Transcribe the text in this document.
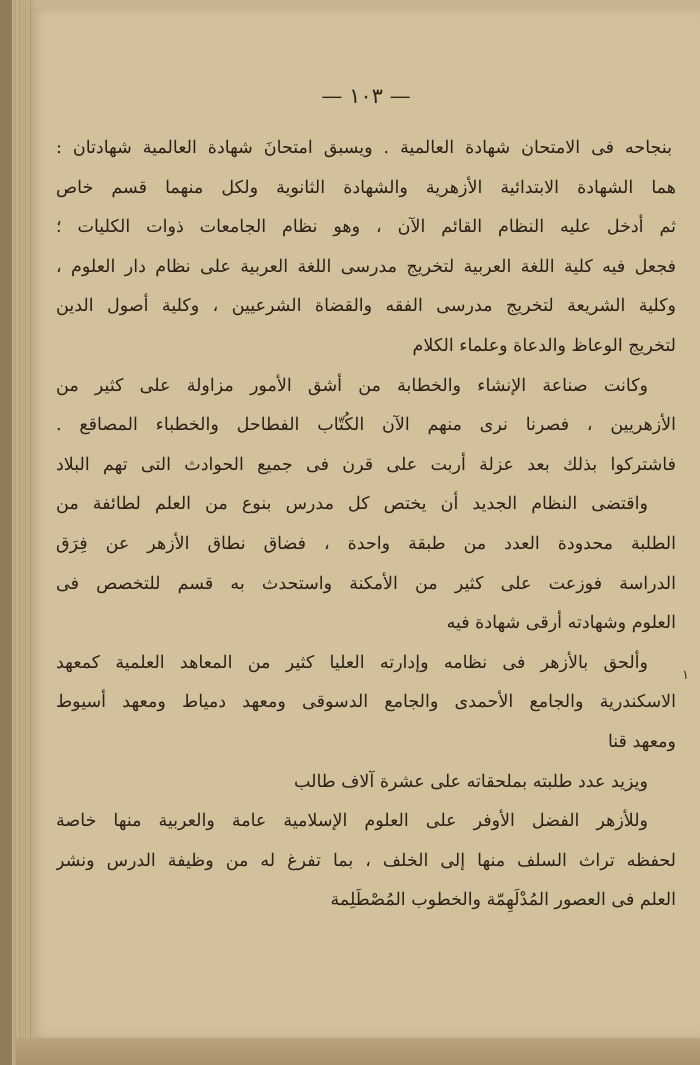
— ١٠٣ —
بنجاحه فى الامتحان شهادة العالمية . ويسبق امتحانَ شهادة العالمية شهادتان :
هما الشهادة الابتدائية الأزهرية والشهادة الثانوية ولكل منهما قسم خاص
ثم أدخل عليه النظام القائم الآن ، وهو نظام الجامعات ذوات الكليات ؛
فجعل فيه كلية اللغة العربية لتخريج مدرسى اللغة العربية على نظام دار العلوم ،
وكلية الشريعة لتخريج مدرسى الفقه والقضاة الشرعيين ، وكلية أصول الدين
لتخريج الوعاظ والدعاة وعلماء الكلام
وكانت صناعة الإنشاء والخطابة من أشق الأمور مزاولة على كثير من
الأزهريين ، فصرنا نرى منهم الآن الكُتّاب الفطاحل والخطباء المصاقع .
فاشتركوا بذلك بعد عزلة أربت على قرن فى جميع الحوادث التى تهم البلاد
واقتضى النظام الجديد أن يختص كل مدرس بنوع من العلم لطائفة من
الطلبة محدودة العدد من طبقة واحدة ، فضاق نطاق الأزهر عن فِرَق
الدراسة فوزعت على كثير من الأمكنة واستحدث به قسم للتخصص فى
العلوم وشهادته أرقى شهادة فيه
وألحق بالأزهر فى نظامه وإدارته العليا كثير من المعاهد العلمية كمعهد
الاسكندرية والجامع الأحمدى والجامع الدسوقى ومعهد دمياط ومعهد أسيوط
ومعهد قنا
ويزيد عدد طلبته بملحقاته على عشرة آلاف طالب
وللأزهر الفضل الأوفر على العلوم الإسلامية عامة والعربية منها خاصة
لحفظه تراث السلف منها إلى الخلف ، بما تفرغ له من وظيفة الدرس ونشر
العلم فى العصور المُدْلَهِمّة والخطوب المُصْطَلِمة
١
